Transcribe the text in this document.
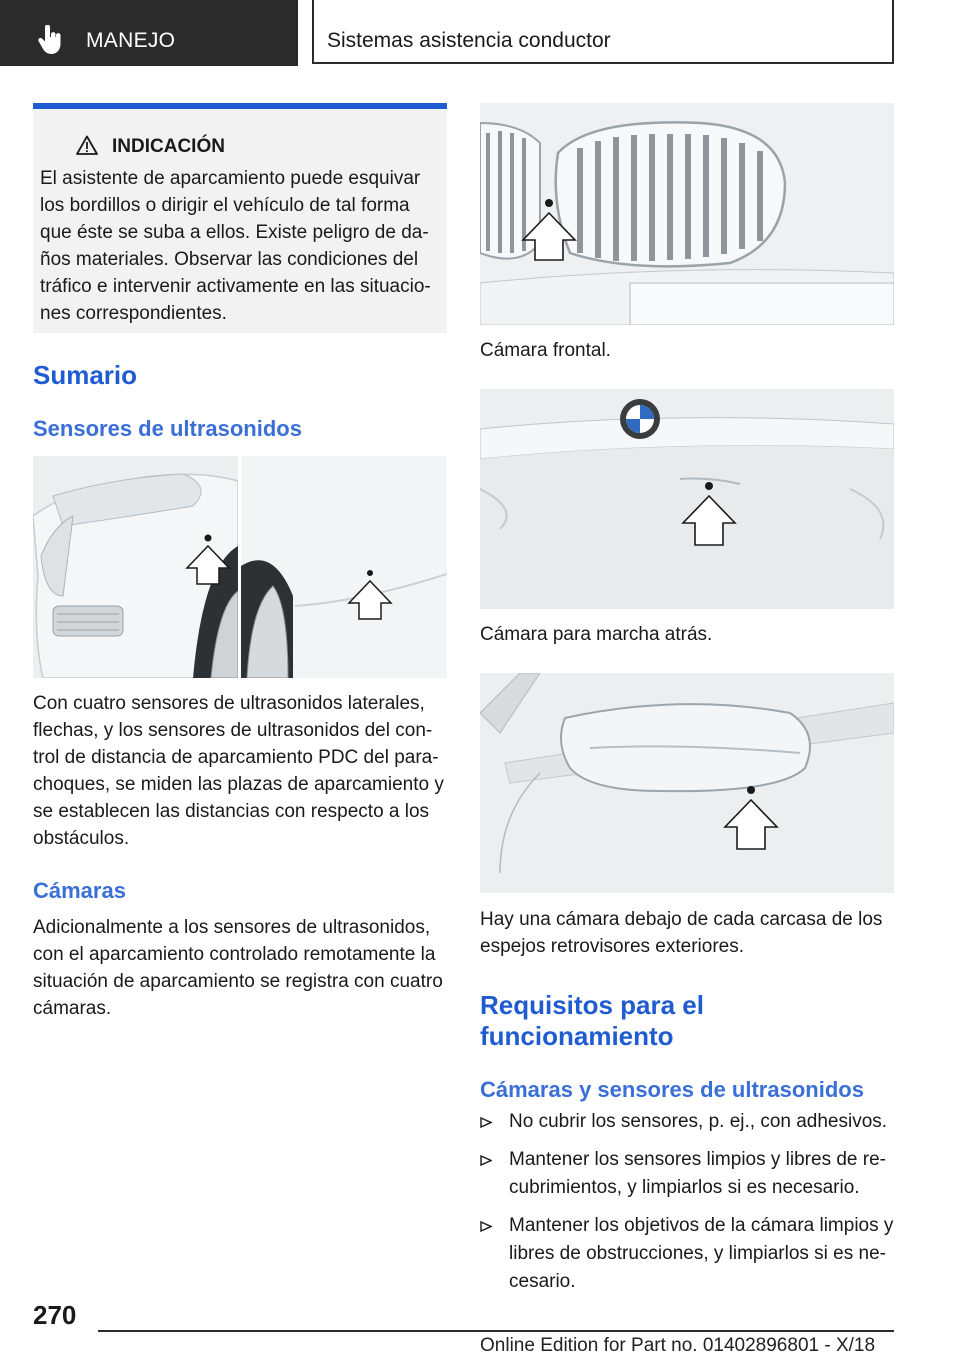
MANEJO	Sistemas asistencia conductor
INDICACIÓN

El asistente de aparcamiento puede esquivar los bordillos o dirigir el vehículo de tal forma que éste se suba a ellos. Existe peligro de da-ños materiales. Observar las condiciones del tráfico e intervenir activamente en las situacio-nes correspondientes.

Sumario
Sensores de ultrasonidos

Con cuatro sensores de ultrasonidos laterales, flechas, y los sensores de ultrasonidos del con-trol de distancia de aparcamiento PDC del para-choques, se miden las plazas de aparcamiento y se establecen las distancias con respecto a los obstáculos.

Cámaras

Adicionalmente a los sensores de ultrasonidos, con el aparcamiento controlado remotamente la situación de aparcamiento se registra con cuatro cámaras.

Cámara frontal.

Cámara para marcha atrás.

Hay una cámara debajo de cada carcasa de los espejos retrovisores exteriores.

Requisitos para el funcionamiento
Cámaras y sensores de ultrasonidos
No cubrir los sensores, p. ej., con adhesivos.
Mantener los sensores limpios y libres de re-cubrimientos, y limpiarlos si es necesario.
Mantener los objetivos de la cámara limpios y libres de obstrucciones, y limpiarlos si es ne-cesario.
270
Online Edition for Part no. 01402896801 - X/18
